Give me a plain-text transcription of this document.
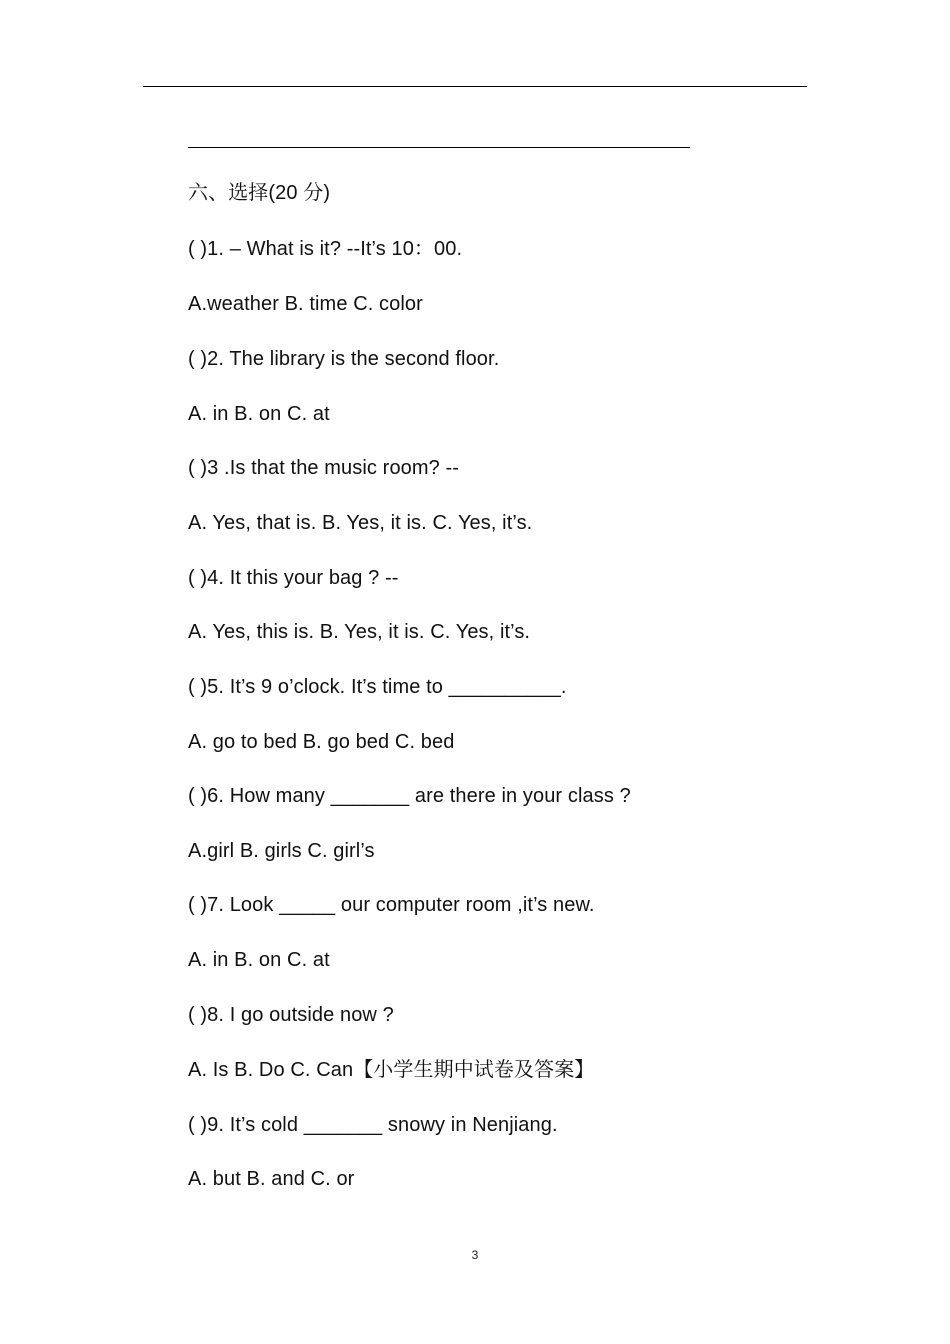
六、选择(20 分)
( )1. – What is it? --It’s 10：00.
A.weather B. time C. color
( )2. The library is the second floor.
A. in B. on C. at
( )3 .Is that the music room? --
A. Yes, that is. B. Yes, it is. C. Yes, it’s.
( )4. It this your bag ? --
A. Yes, this is. B. Yes, it is. C. Yes, it’s.
( )5. It’s 9 o’clock. It’s time to __________.
A. go to bed B. go bed C. bed
( )6. How many _______ are there in your class ?
A.girl B. girls C. girl’s
( )7. Look _____ our computer room ,it’s new.
A. in B. on C. at
( )8. I go outside now ?
A. Is B. Do C. Can【小学生期中试卷及答案】
( )9. It’s cold _______ snowy in Nenjiang.
A. but B. and C. or
3
